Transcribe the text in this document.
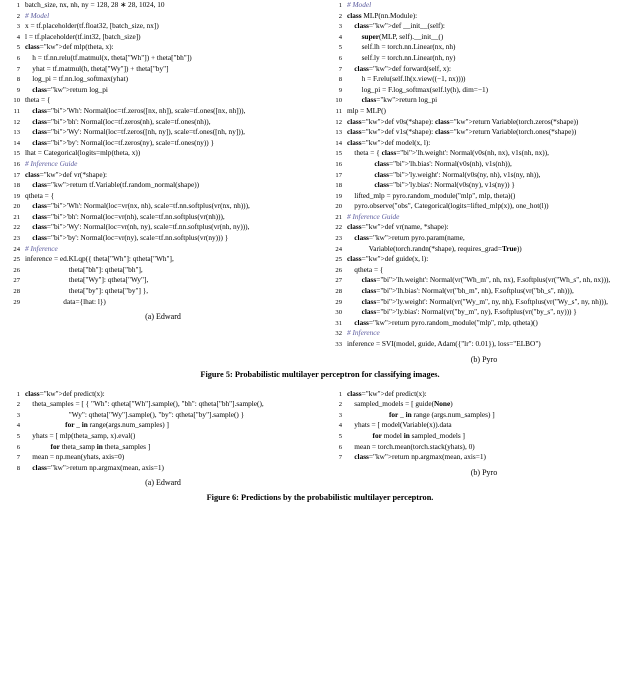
1 batch_size, nx, nh, ny = 128, 28 ∗ 28, 1024, 10
2 # Model
3 x = tf.placeholder(tf.float32, [batch_size, nx])
4 l = tf.placeholder(tf.int32, [batch_size])
5 class="kw">def mlp(theta, x):
6    h = tf.nn.relu(tf.matmul(x, theta["Wh"]) + theta["bh"])
7    yhat = tf.matmul(h, theta["Wy"]) + theta["by"]
8    log_pi = tf.nn.log_softmax(yhat)
9 class="kw">return log_pi
10 theta = {
11 class="bi">'Wh': Normal(loc=tf.zeros([nx, nh]), scale=tf.ones([nx, nh])),
12 class="bi">'bh': Normal(loc=tf.zeros(nh), scale=tf.ones(nh)),
13 class="bi">'Wy': Normal(loc=tf.zeros([nh, ny]), scale=tf.ones([nh, ny])),
14 class="bi">'by': Normal(loc=tf.zeros(ny), scale=tf.ones(ny)) }
15 lhat = Categorical(logits=mlp(theta, x))
16 # Inference Guide
17 class="kw">def vr(*shape):
18 class="kw">return tf.Variable(tf.random_normal(shape))
19 qtheta = {
20 class="bi">'Wh': Normal(loc=vr(nx, nh), scale=tf.nn.softplus(vr(nx, nh))),
21 class="bi">'bh': Normal(loc=vr(nh), scale=tf.nn.softplus(vr(nh))),
22 class="bi">'Wy': Normal(loc=vr(nh, ny), scale=tf.nn.softplus(vr(nh, ny))),
23 class="bi">'by': Normal(loc=vr(ny), scale=tf.nn.softplus(vr(ny))) }
24 # Inference
25 inference = ed.KLqp({ theta["Wh"]: qtheta["Wh"],
26                        theta["bh"]: qtheta["bh"],
27                        theta["Wy"]: qtheta["Wy"],
28                        theta["by"]: qtheta["by"] },
29                     data={lhat: l})
(a) Edward
1 # Model
2 class MLP(nn.Module):
3 class="kw">def __init__(self):
4	super(MLP, self).__init__()
5        self.lh = torch.nn.Linear(nx, nh)
6        self.ly = torch.nn.Linear(nh, ny)
7 class="kw">def forward(self, x):
8        h = F.relu(self.lh(x.view((−1, nx))))
9        log_pi = F.log_softmax(self.ly(h), dim=−1)
10	class="kw">return log_pi
11 mlp = MLP()
12 class="kw">def v0s(*shape): class="kw">return Variable(torch.zeros(*shape))
13 class="kw">def v1s(*shape): class="kw">return Variable(torch.ones(*shape))
14 class="kw">def model(x, l):
15    theta = { class="bi">'lh.weight': Normal(v0s(nh, nx), v1s(nh, nx)),
16	class="bi">'lh.bias': Normal(v0s(nh), v1s(nh)),
17	class="bi">'ly.weight': Normal(v0s(ny, nh), v1s(ny, nh)),
18	class="bi">'ly.bias': Normal(v0s(ny), v1s(ny)) }
19    lifted_mlp = pyro.random_module("mlp", mlp, theta)()
20    pyro.observe("obs", Categorical(logits=lifted_mlp(x)), one_hot(l))
21 # Inference Guide
22 class="kw">def vr(name, *shape):
23 class="kw">return pyro.param(name,
24            Variable(torch.randn(*shape), requires_grad=True))
25 class="kw">def guide(x, l):
26    qtheta = {
27	class="bi">'lh.weight': Normal(vr("Wh_m", nh, nx), F.softplus(vr("Wh_s", nh, nx))),
28	class="bi">'lh.bias': Normal(vr("bh_m", nh), F.softplus(vr("bh_s", nh))),
29	class="bi">'ly.weight': Normal(vr("Wy_m", ny, nh), F.softplus(vr("Wy_s", ny, nh))),
30	class="bi">'ly.bias': Normal(vr("by_m", ny), F.softplus(vr("by_s", ny))) }
31 class="kw">return pyro.random_module("mlp", mlp, qtheta)()
32 # Inference
33 inference = SVI(model, guide, Adam({"lr": 0.01}), loss="ELBO")
(b) Pyro
Figure 5: Probabilistic multilayer perceptron for classifying images.
1 class="kw">def predict(x):
2    theta_samples = [ { "Wh": qtheta["Wh"].sample(), "bh": qtheta["bh"].sample(),
3                        "Wy": qtheta["Wy"].sample(), "by": qtheta["by"].sample() }
4	for _ in range(args.num_samples) ]
5    yhats = [ mlp(theta_samp, x).eval()
6	for theta_samp in theta_samples ]
7    mean = np.mean(yhats, axis=0)
8 class="kw">return np.argmax(mean, axis=1)
(a) Edward
1 class="kw">def predict(x):
2    sampled_models = [ guide(None)
3	for _ in range (args.num_samples) ]
4    yhats = [ model(Variable(x)).data
5	for model in sampled_models ]
6    mean = torch.mean(torch.stack(yhats), 0)
7 class="kw">return np.argmax(mean, axis=1)
(b) Pyro
Figure 6: Predictions by the probabilistic multilayer perceptron.
